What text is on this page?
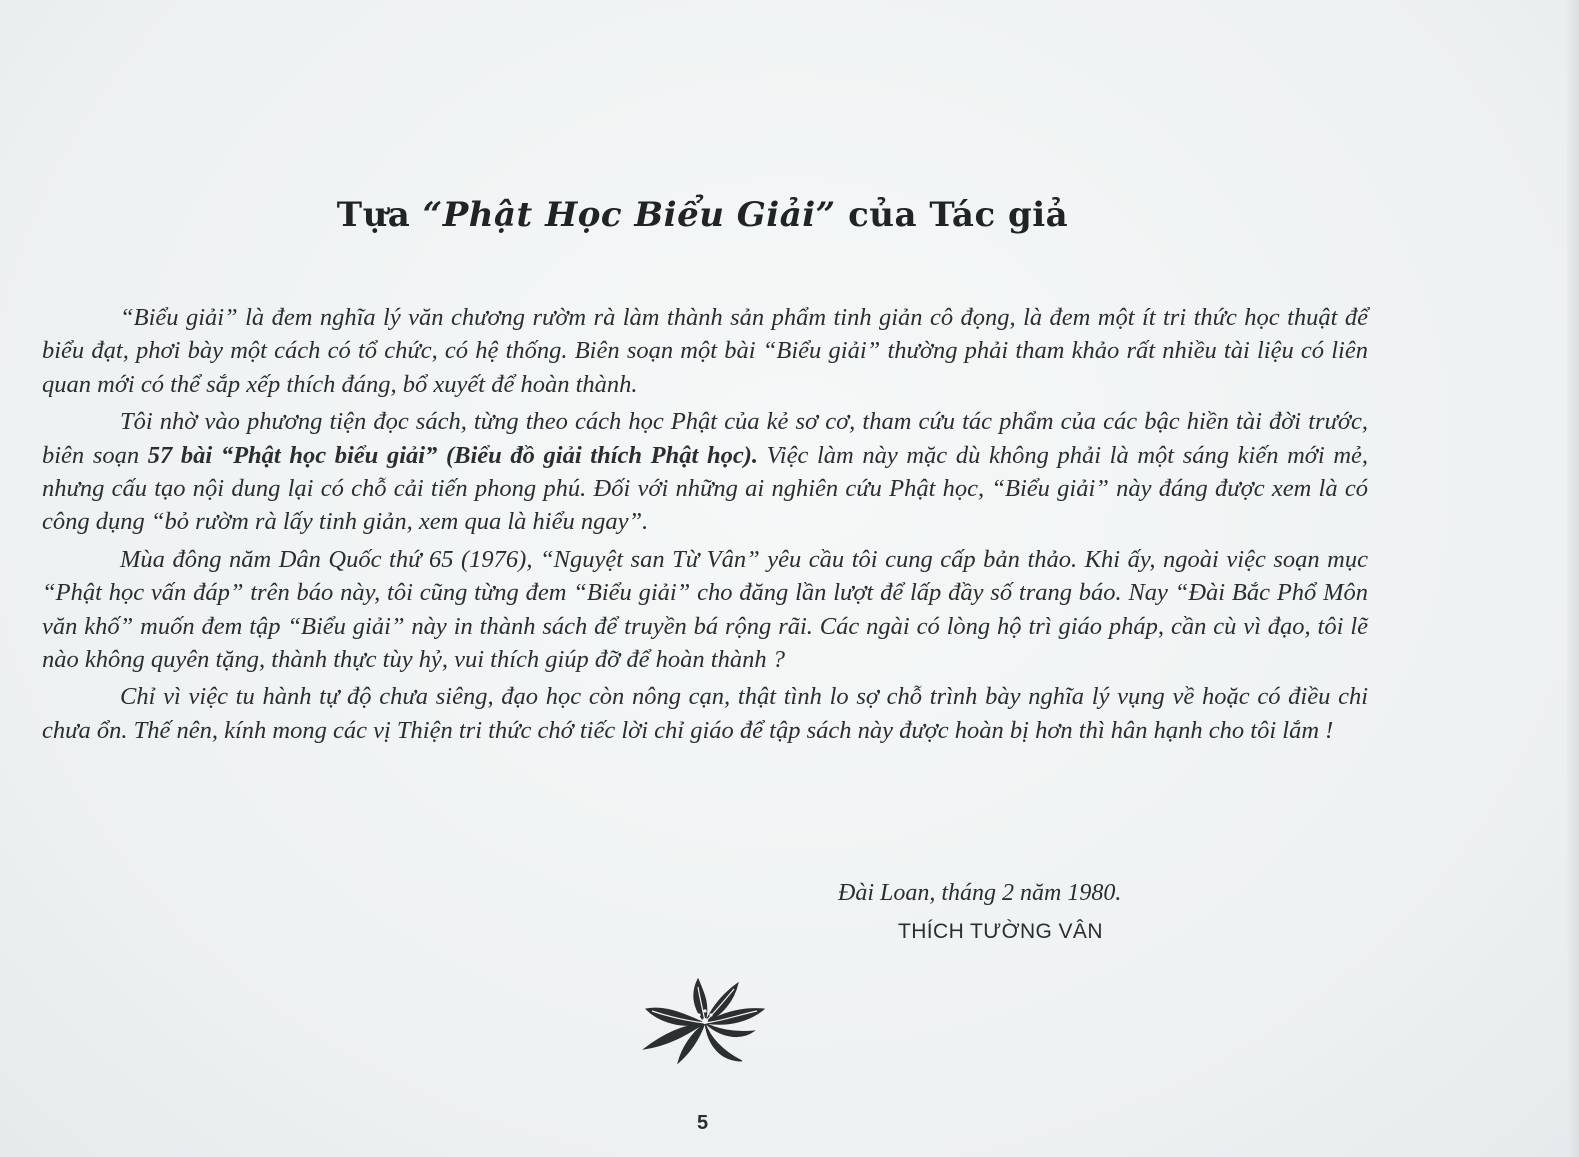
Tựa “Phật Học Biểu Giải” của Tác giả

“Biểu giải” là đem nghĩa lý văn chương rườm rà làm thành sản phẩm tinh giản cô đọng, là đem một ít tri thức học thuật để biểu đạt, phơi bày một cách có tổ chức, có hệ thống. Biên soạn một bài “Biểu giải” thường phải tham khảo rất nhiều tài liệu có liên quan mới có thể sắp xếp thích đáng, bổ xuyết để hoàn thành.

Tôi nhờ vào phương tiện đọc sách, từng theo cách học Phật của kẻ sơ cơ, tham cứu tác phẩm của các bậc hiền tài đời trước, biên soạn 57 bài “Phật học biểu giải” (Biểu đồ giải thích Phật học). Việc làm này mặc dù không phải là một sáng kiến mới mẻ, nhưng cấu tạo nội dung lại có chỗ cải tiến phong phú. Đối với những ai nghiên cứu Phật học, “Biểu giải” này đáng được xem là có công dụng “bỏ rườm rà lấy tinh giản, xem qua là hiểu ngay”.

Mùa đông năm Dân Quốc thứ 65 (1976), “Nguyệt san Từ Vân” yêu cầu tôi cung cấp bản thảo. Khi ấy, ngoài việc soạn mục “Phật học vấn đáp” trên báo này, tôi cũng từng đem “Biểu giải” cho đăng lần lượt để lấp đầy số trang báo. Nay “Đài Bắc Phổ Môn văn khố” muốn đem tập “Biểu giải” này in thành sách để truyền bá rộng rãi. Các ngài có lòng hộ trì giáo pháp, cần cù vì đạo, tôi lẽ nào không quyên tặng, thành thực tùy hỷ, vui thích giúp đỡ để hoàn thành ?

Chỉ vì việc tu hành tự độ chưa siêng, đạo học còn nông cạn, thật tình lo sợ chỗ trình bày nghĩa lý vụng về hoặc có điều chi chưa ổn. Thế nên, kính mong các vị Thiện tri thức chớ tiếc lời chỉ giáo để tập sách này được hoàn bị hơn thì hân hạnh cho tôi lắm !

Đài Loan, tháng 2 năm 1980.
THÍCH TƯỜNG VÂN
5
